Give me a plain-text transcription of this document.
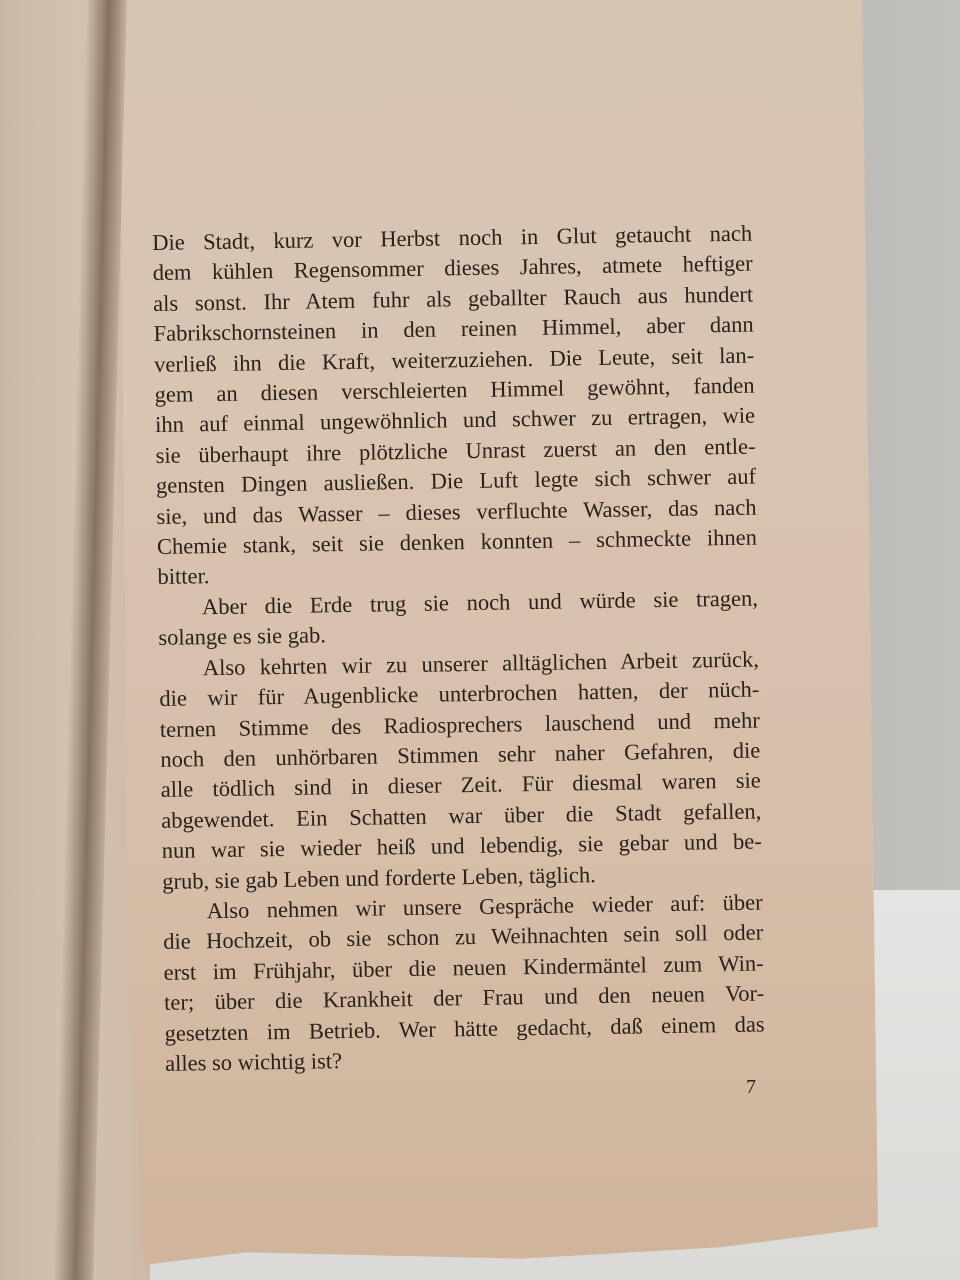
Die Stadt, kurz vor Herbst noch in Glut getaucht nach
dem kühlen Regensommer dieses Jahres, atmete heftiger
als sonst. Ihr Atem fuhr als geballter Rauch aus hundert
Fabrikschornsteinen in den reinen Himmel, aber dann
verließ ihn die Kraft, weiterzuziehen. Die Leute, seit lan-
gem an diesen verschleierten Himmel gewöhnt, fanden
ihn auf einmal ungewöhnlich und schwer zu ertragen, wie
sie überhaupt ihre plötzliche Unrast zuerst an den entle-
gensten Dingen ausließen. Die Luft legte sich schwer auf
sie, und das Wasser – dieses verfluchte Wasser, das nach
Chemie stank, seit sie denken konnten – schmeckte ihnen
bitter.
Aber die Erde trug sie noch und würde sie tragen,
solange es sie gab.
Also kehrten wir zu unserer alltäglichen Arbeit zurück,
die wir für Augenblicke unterbrochen hatten, der nüch-
ternen Stimme des Radiosprechers lauschend und mehr
noch den unhörbaren Stimmen sehr naher Gefahren, die
alle tödlich sind in dieser Zeit. Für diesmal waren sie
abgewendet. Ein Schatten war über die Stadt gefallen,
nun war sie wieder heiß und lebendig, sie gebar und be-
grub, sie gab Leben und forderte Leben, täglich.
Also nehmen wir unsere Gespräche wieder auf: über
die Hochzeit, ob sie schon zu Weihnachten sein soll oder
erst im Frühjahr, über die neuen Kindermäntel zum Win-
ter; über die Krankheit der Frau und den neuen Vor-
gesetzten im Betrieb. Wer hätte gedacht, daß einem das
alles so wichtig ist?
7
